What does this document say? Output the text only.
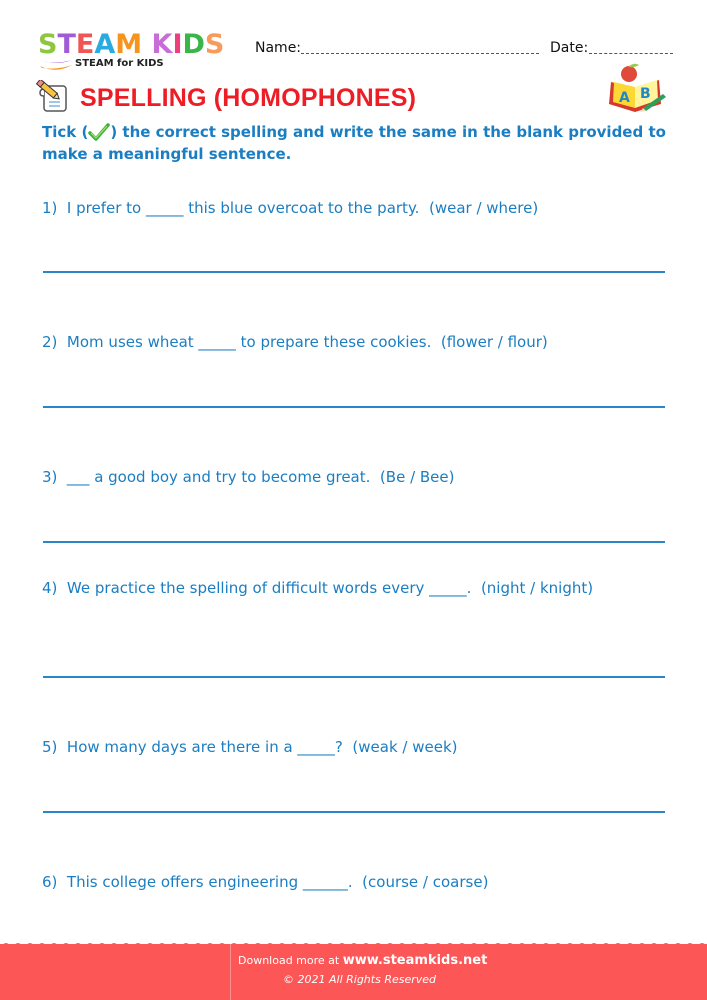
STEAM KIDS
STEAM for KIDS
Name:	Date:
SPELLING (HOMOPHONES)	A B
Tick ( ) the correct spelling and write the same in the blank provided to make a meaningful sentence.
1)  I prefer to _____ this blue overcoat to the party.  (wear / where)
2)  Mom uses wheat _____ to prepare these cookies.  (flower / flour)
3)  ___ a good boy and try to become great.  (Be / Bee)
4)  We practice the spelling of difficult words every _____.  (night / knight)
5)  How many days are there in a _____?  (weak / week)
6)  This college offers engineering ______.  (course / coarse)
Download more at www.steamkids.net
© 2021 All Rights Reserved
